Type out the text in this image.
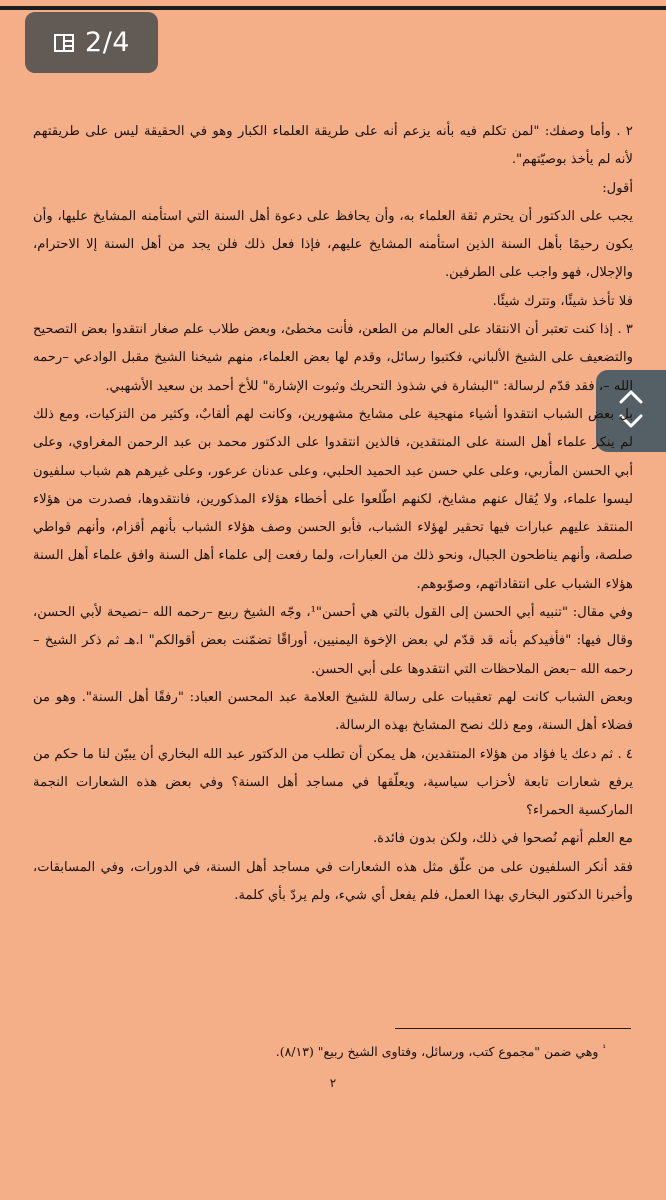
2/4

٢ . وأما وصفك: "لمن تكلم فيه بأنه يزعم أنه على طريقة العلماء الكبار وهو في الحقيقة ليس على طريقتهم لأنه لم يأخذ بوصيّتهم".

أقول:

يجب على الدكتور أن يحترم ثقة العلماء به، وأن يحافظ على دعوة أهل السنة التي استأمنه المشايخ عليها، وأن يكون رحيمًا بأهل السنة الذين استأمنه المشايخ عليهم، فإذا فعل ذلك فلن يجد من أهل السنة إلا الاحترام، والإجلال، فهو واجب على الطرفين.

فلا تأخذ شيئًا، وتترك شيئًا.

٣ . إذا كنت تعتبر أن الانتقاد على العالم من الطعن، فأنت مخطئ، وبعض طلاب علم صغار انتقدوا بعض التصحيح والتضعيف على الشيخ الألباني، فكتبوا رسائل، وقدم لها بعض العلماء، منهم شيخنا الشيخ مقبل الوادعي –رحمه الله –، فقد قدّم لرسالة: "البشارة في شذوذ التحريك وثبوت الإشارة" للأخ أحمد بن سعيد الأشهبي.

بل بعض الشباب انتقدوا أشياء منهجية على مشايخ مشهورين، وكانت لهم ألقابٌ، وكثير من التزكيات، ومع ذلك لم ينكر علماء أهل السنة على المنتقدين، فالذين انتقدوا على الدكتور محمد بن عبد الرحمن المغراوي، وعلى أبي الحسن المأربي، وعلى علي حسن عبد الحميد الحلبي، وعلى عدنان عرعور، وعلى غيرهم هم شباب سلفيون ليسوا علماء، ولا يُقال عنهم مشايخ، لكنهم اطّلعوا على أخطاء هؤلاء المذكورين، فانتقدوها، فصدرت من هؤلاء المنتقد عليهم عبارات فيها تحقير لهؤلاء الشباب، فأبو الحسن وصف هؤلاء الشباب بأنهم أقزام، وأنهم قواطي صلصة، وأنهم يناطحون الجبال، ونحو ذلك من العبارات، ولما رفعت إلى علماء أهل السنة وافق علماء أهل السنة هؤلاء الشباب على انتقاداتهم، وصوّبوهم.

وفي مقال: "تنبيه أبي الحسن إلى القول بالتي هي أحسن"¹، وجّه الشيخ ربيع –رحمه الله –نصيحة لأبي الحسن، وقال فيها: "فأفيدكم بأنه قد قدّم لي بعض الإخوة اليمنيين، أوراقًا تضمّنت بعض أقوالكم" ا.هـ ثم ذكر الشيخ –رحمه الله –بعض الملاحظات التي انتقدوها على أبي الحسن.

وبعض الشباب كانت لهم تعقيبات على رسالة للشيخ العلامة عبد المحسن العباد: "رفقًا أهل السنة". وهو من فضلاء أهل السنة، ومع ذلك نصح المشايخ بهذه الرسالة.

٤ . ثم دعك يا فؤاد من هؤلاء المنتقدين، هل يمكن أن تطلب من الدكتور عبد الله البخاري أن يبيّن لنا ما حكم من يرفع شعارات تابعة لأحزاب سياسية، ويعلّقها في مساجد أهل السنة؟ وفي بعض هذه الشعارات النجمة الماركسية الحمراء؟

مع العلم أنهم نُصحوا في ذلك، ولكن بدون فائدة.

فقد أنكر السلفيون على من علّق مثل هذه الشعارات في مساجد أهل السنة، في الدورات، وفي المسابقات، وأخبرنا الدكتور البخاري بهذا العمل، فلم يفعل أي شيء، ولم يردّ بأي كلمة.

$^{^1}$ وهي ضمن "مجموع كتب، ورسائل، وفتاوى الشيخ ربيع" (٨/١٣).
٢
